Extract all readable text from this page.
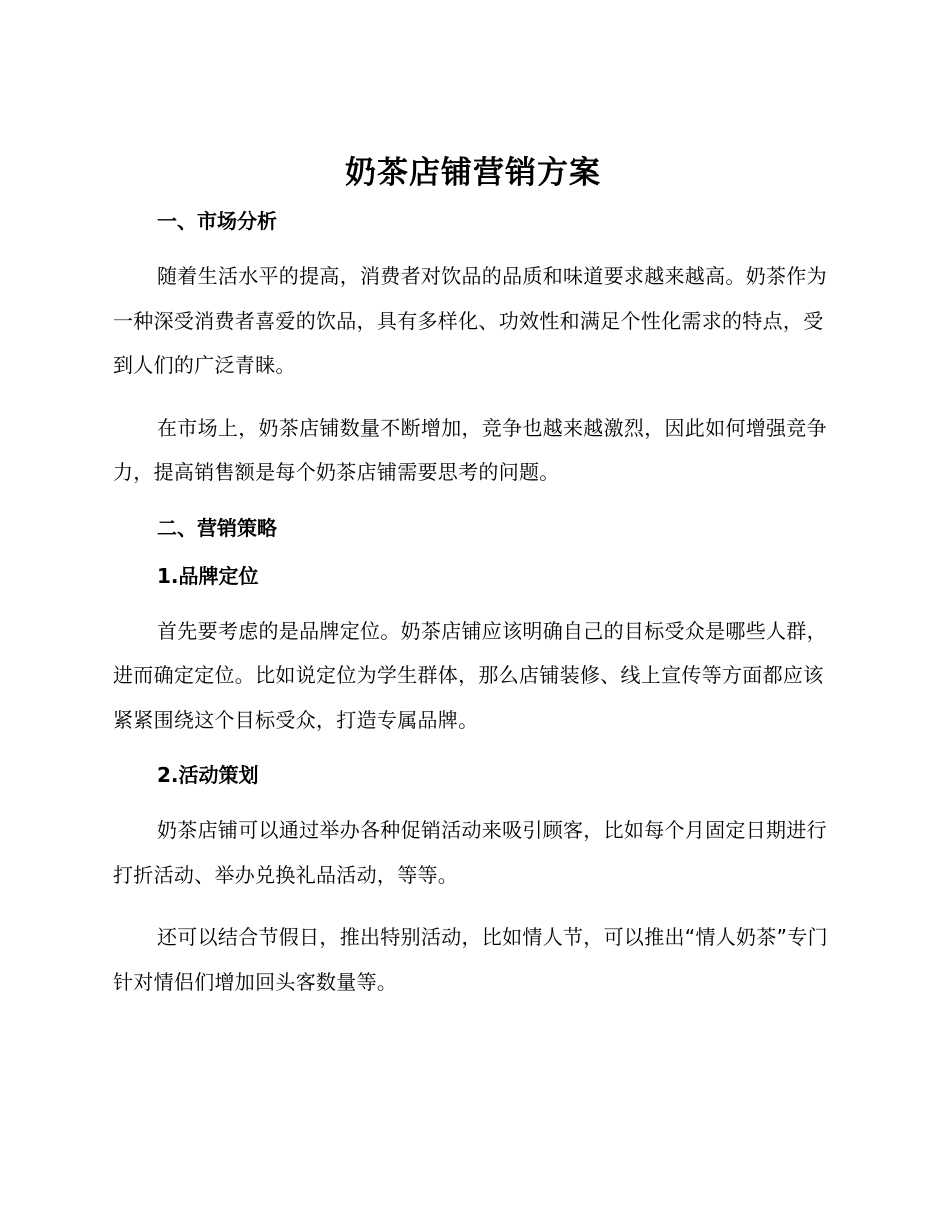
奶茶店铺营销方案
一、市场分析

随着生活水平的提高，消费者对饮品的品质和味道要求越来越高。奶茶作为一种深受消费者喜爱的饮品，具有多样化、功效性和满足个性化需求的特点，受到人们的广泛青睐。

在市场上，奶茶店铺数量不断增加，竞争也越来越激烈，因此如何增强竞争力，提高销售额是每个奶茶店铺需要思考的问题。

二、营销策略
1.品牌定位

首先要考虑的是品牌定位。奶茶店铺应该明确自己的目标受众是哪些人群，进而确定定位。比如说定位为学生群体，那么店铺装修、线上宣传等方面都应该紧紧围绕这个目标受众，打造专属品牌。

2.活动策划

奶茶店铺可以通过举办各种促销活动来吸引顾客，比如每个月固定日期进行打折活动、举办兑换礼品活动，等等。

还可以结合节假日，推出特别活动，比如情人节，可以推出“情人奶茶”专门针对情侣们增加回头客数量等。
